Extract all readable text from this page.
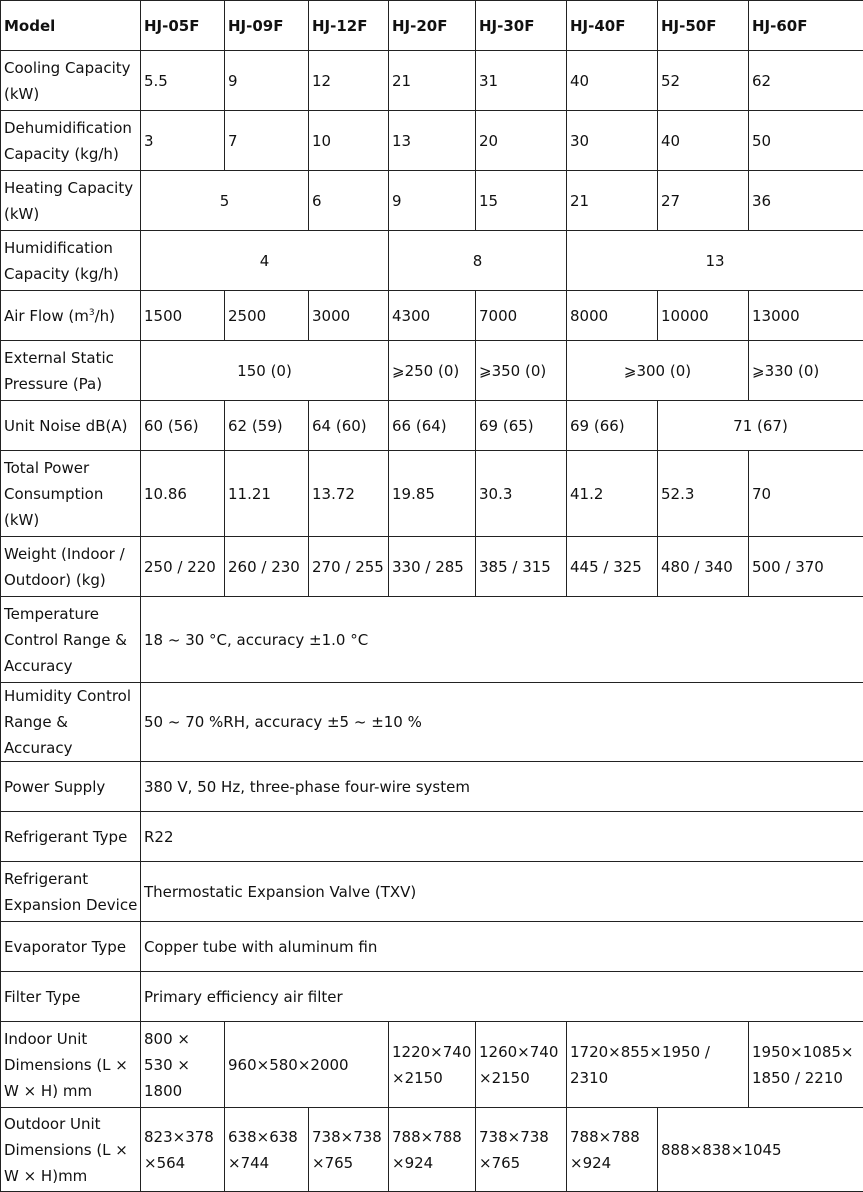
Model	HJ-05F	HJ-09F	HJ-12F	HJ-20F	HJ-30F	HJ-40F	HJ-50F	HJ-60F
Cooling Capacity (kW)	5.5	9	12	21	31	40	52	62
Dehumidification Capacity (kg/h)	3	7	10	13	20	30	40	50
Heating Capacity (kW)	5		6	9	15	21	27	36
Humidification Capacity (kg/h)	4			8		13		
Air Flow $(m^3/h)$	1500	2500	3000	4300	7000	8000	10000	13000
External Static Pressure (Pa)	150 (0)			⩾250 (0)	⩾350 (0)	⩾300 (0)		⩾330 (0)
Unit Noise dB(A)	60 (56)	62 (59)	64 (60)	66 (64)	69 (65)	69 (66)	71 (67)	
Total Power Consumption (kW)	10.86	11.21	13.72	19.85	30.3	41.2	52.3	70
Weight (Indoor / Outdoor) (kg)	250 / 220	260 / 230	270 / 255	330 / 285	385 / 315	445 / 325	480 / 340	500 / 370
Temperature Control Range & Accuracy	18 ~ 30 °C, accuracy ±1.0 °C							
Humidity Control Range & Accuracy	50 ~ 70 %RH, accuracy ±5 ~ ±10 %							
Power Supply	380 V, 50 Hz, three-phase four-wire system							
Refrigerant Type	R22							
Refrigerant Expansion Device	Thermostatic Expansion Valve (TXV)							
Evaporator Type	Copper tube with aluminum fin							
Filter Type	Primary efficiency air filter							
Indoor Unit Dimensions (L × W × H) mm	800 × 530 × 1800	960×580×2000		1220×740 ×2150	1260×740 ×2150	1720×855×1950 / 2310		1950×1085× 1850 / 2210
Outdoor Unit Dimensions (L × W × H)mm	823×378 ×564	638×638 ×744	738×738 ×765	788×788 ×924	738×738 ×765	788×788 ×924	888×838×1045	
